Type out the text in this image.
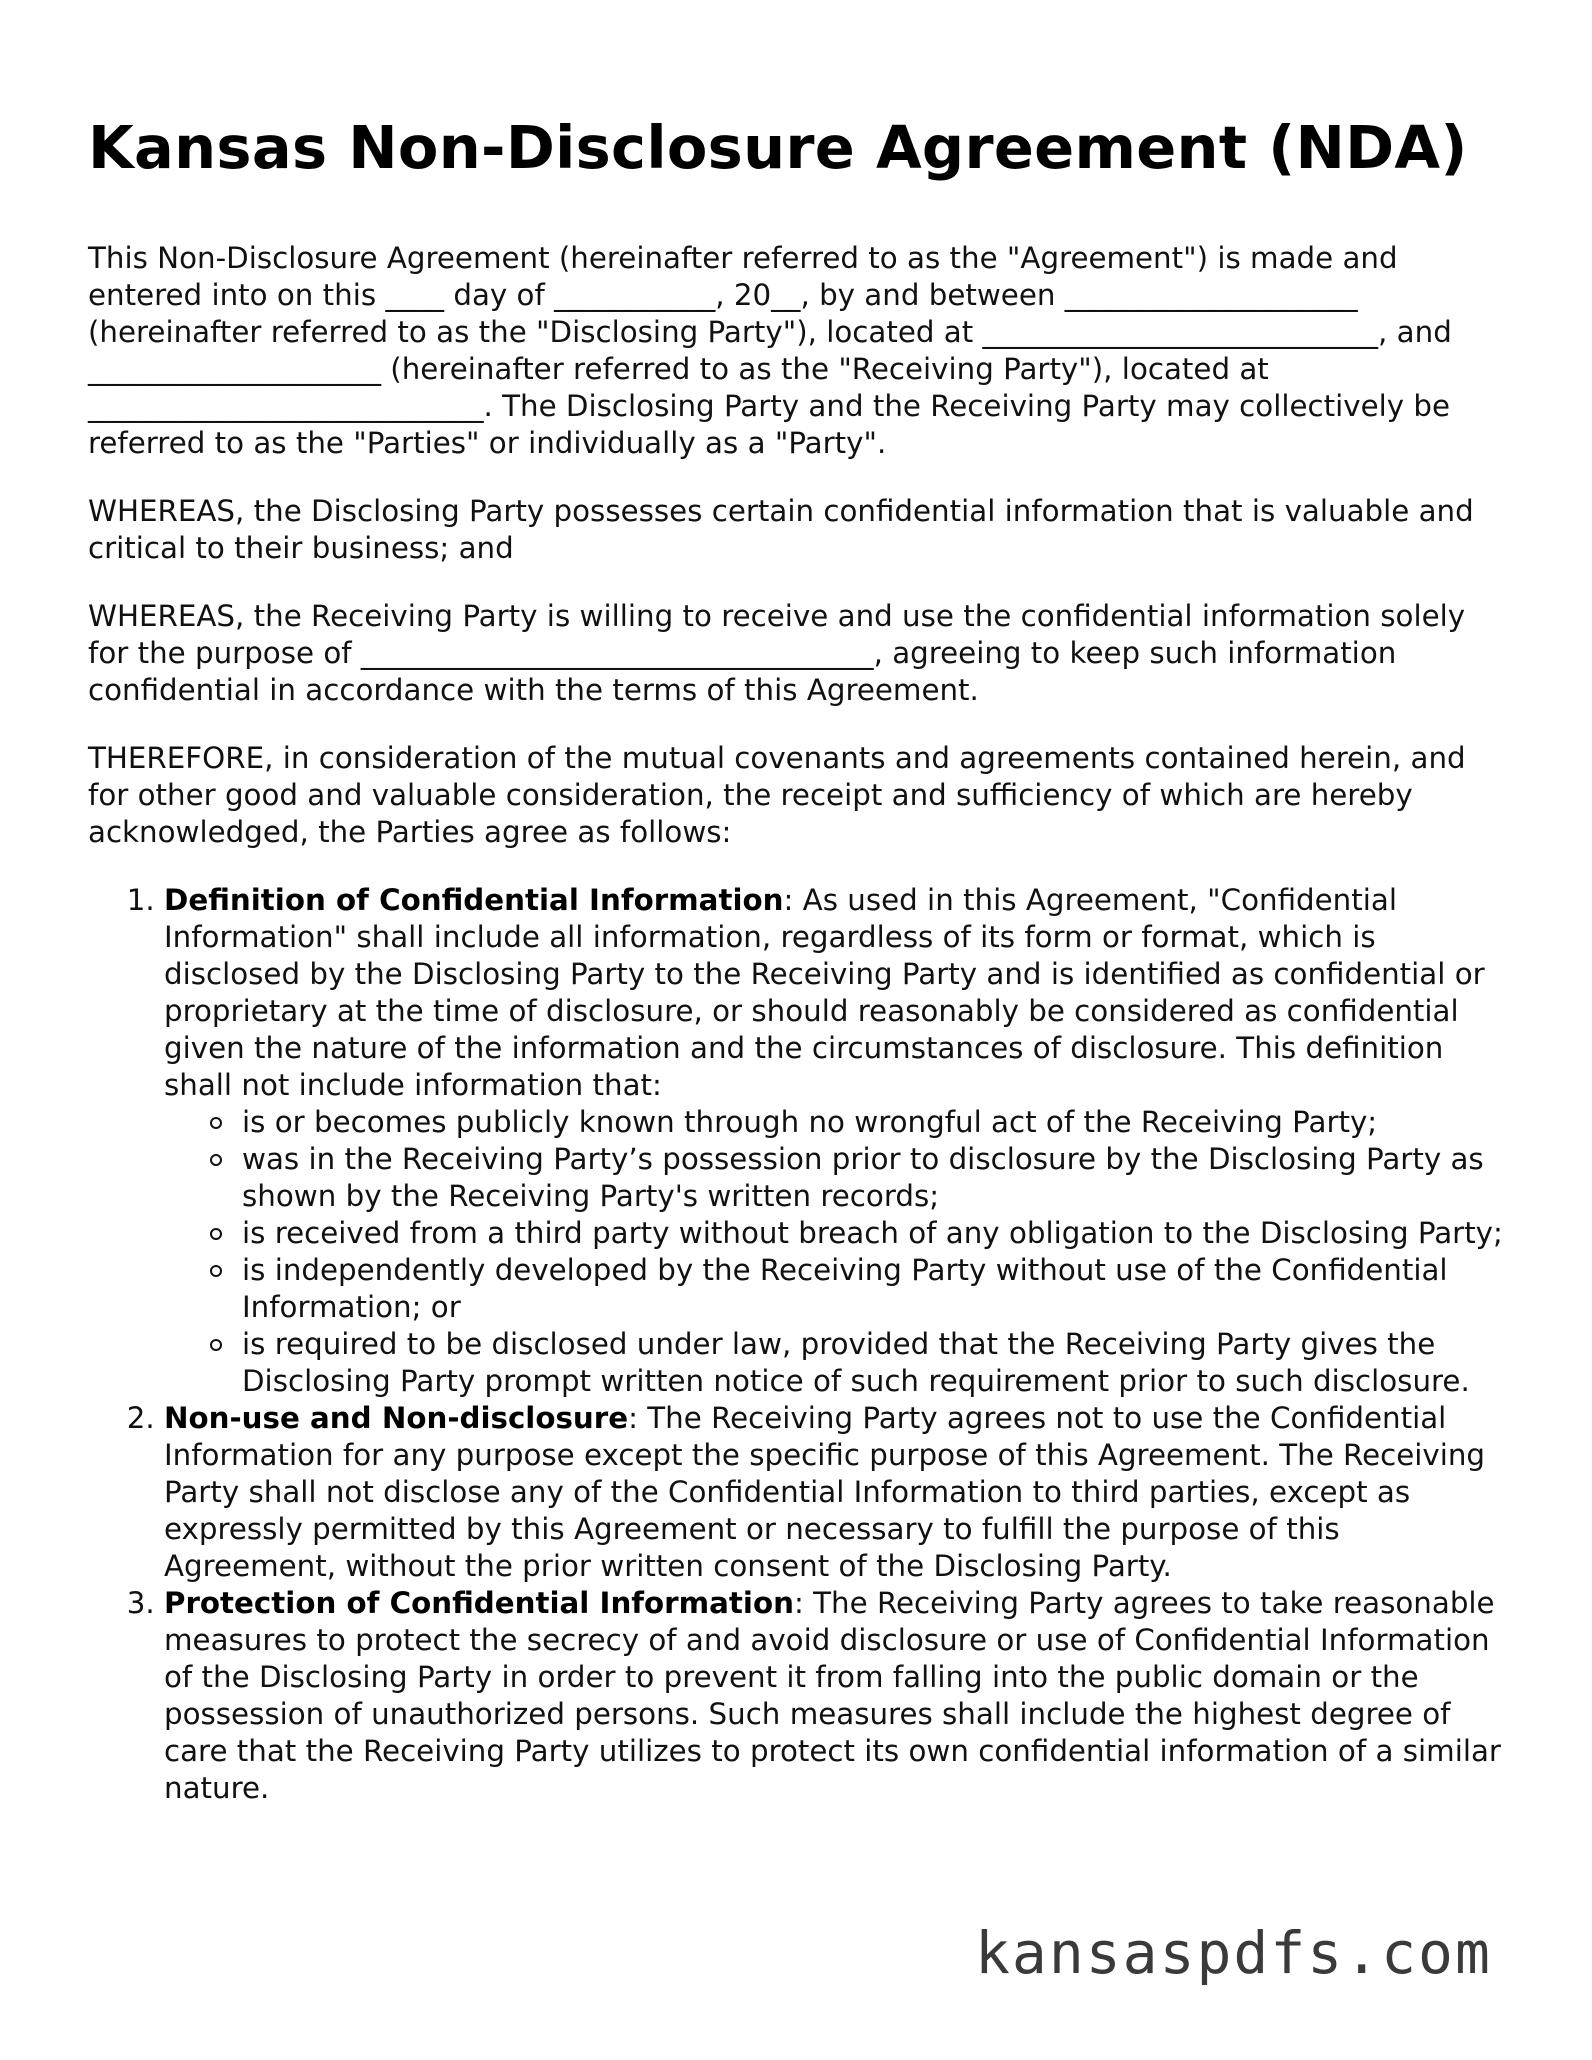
Kansas Non-Disclosure Agreement (NDA)

This Non-Disclosure Agreement (hereinafter referred to as the "Agreement") is made and entered into on this ____ day of ___________, 20__, by and between ____________________ (hereinafter referred to as the "Disclosing Party"), located at ___________________________, and ____________________ (hereinafter referred to as the "Receiving Party"), located at ___________________________. The Disclosing Party and the Receiving Party may collectively be referred to as the "Parties" or individually as a "Party".

WHEREAS, the Disclosing Party possesses certain confidential information that is valuable and critical to their business; and

WHEREAS, the Receiving Party is willing to receive and use the confidential information solely for the purpose of ___________________________________, agreeing to keep such information confidential in accordance with the terms of this Agreement.

THEREFORE, in consideration of the mutual covenants and agreements contained herein, and for other good and valuable consideration, the receipt and sufficiency of which are hereby acknowledged, the Parties agree as follows:

1. Definition of Confidential Information: As used in this Agreement, "Confidential Information" shall include all information, regardless of its form or format, which is disclosed by the Disclosing Party to the Receiving Party and is identified as confidential or proprietary at the time of disclosure, or should reasonably be considered as confidential given the nature of the information and the circumstances of disclosure. This definition shall not include information that:
is or becomes publicly known through no wrongful act of the Receiving Party;
was in the Receiving Party’s possession prior to disclosure by the Disclosing Party as shown by the Receiving Party's written records;
is received from a third party without breach of any obligation to the Disclosing Party;
is independently developed by the Receiving Party without use of the Confidential Information; or
is required to be disclosed under law, provided that the Receiving Party gives the Disclosing Party prompt written notice of such requirement prior to such disclosure.
2. Non-use and Non-disclosure: The Receiving Party agrees not to use the Confidential Information for any purpose except the specific purpose of this Agreement. The Receiving Party shall not disclose any of the Confidential Information to third parties, except as expressly permitted by this Agreement or necessary to fulfill the purpose of this Agreement, without the prior written consent of the Disclosing Party.
3. Protection of Confidential Information: The Receiving Party agrees to take reasonable measures to protect the secrecy of and avoid disclosure or use of Confidential Information of the Disclosing Party in order to prevent it from falling into the public domain or the possession of unauthorized persons. Such measures shall include the highest degree of care that the Receiving Party utilizes to protect its own confidential information of a similar nature.
kansaspdfs.com
